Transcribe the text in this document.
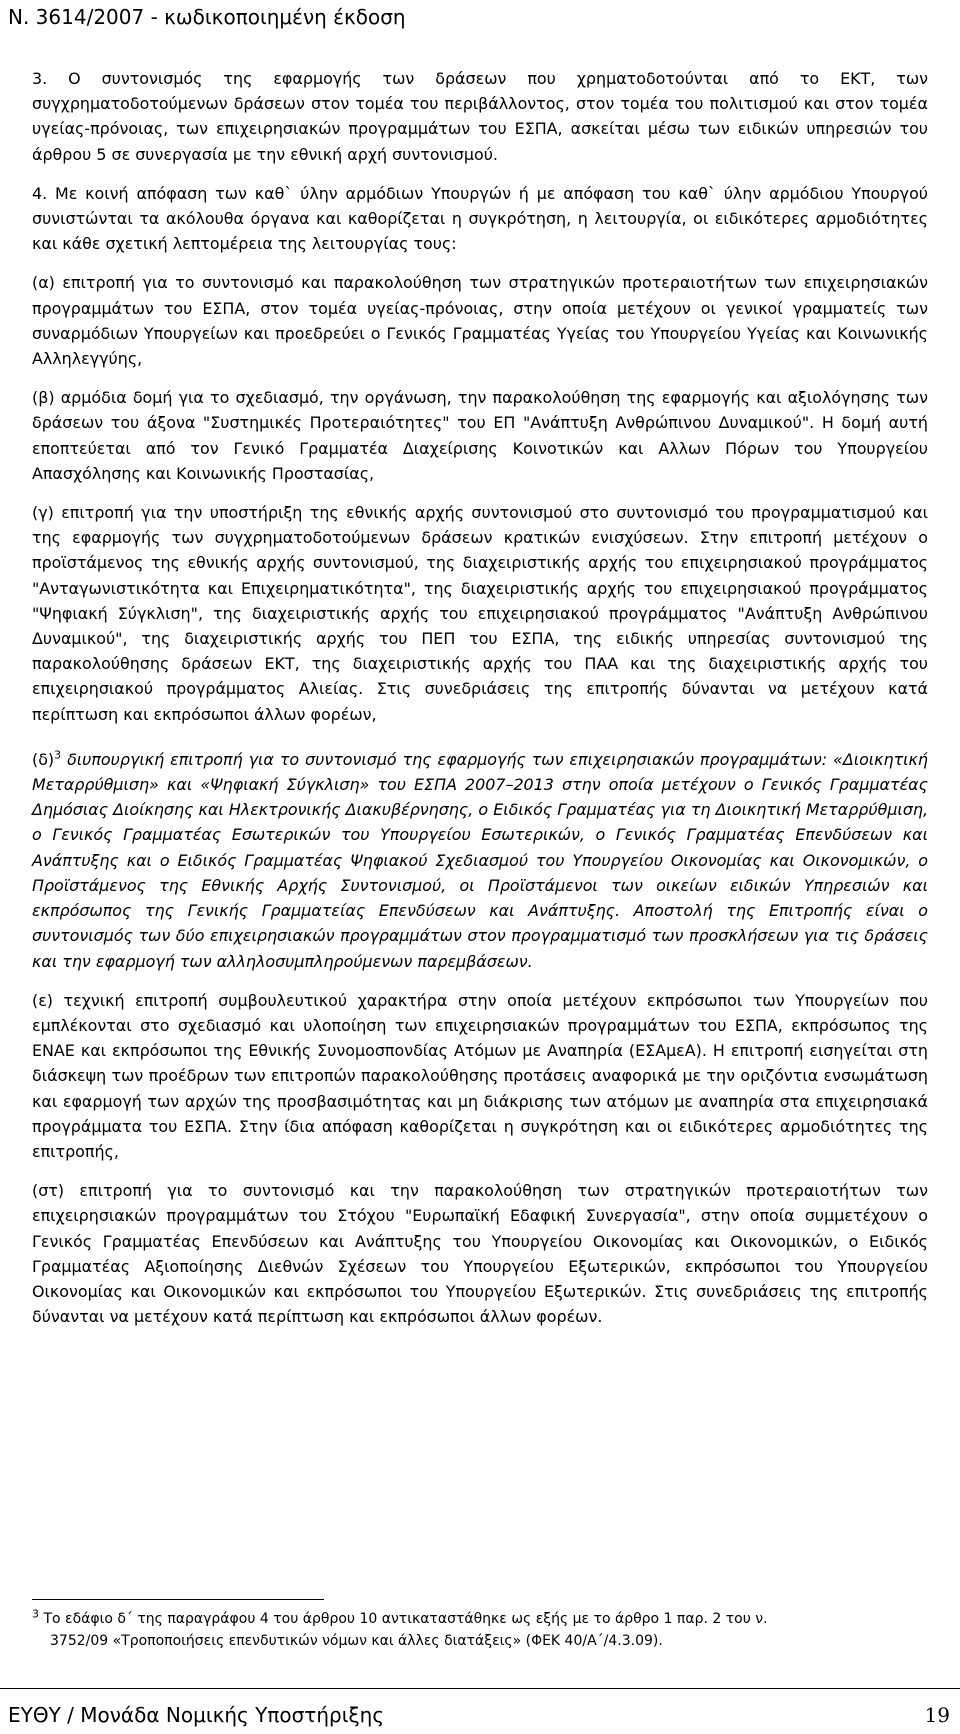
Ν. 3614/2007 - κωδικοποιημένη έκδοση

3. Ο συντονισμός της εφαρμογής των δράσεων που χρηματοδοτούνται από το ΕΚΤ, των συγχρηματοδοτούμενων δράσεων στον τομέα του περιβάλλοντος, στον τομέα του πολιτισμού και στον τομέα υγείας-πρόνοιας, των επιχειρησιακών προγραμμάτων του ΕΣΠΑ, ασκείται μέσω των ειδικών υπηρεσιών του άρθρου 5 σε συνεργασία με την εθνική αρχή συντονισμού.

4. Με κοινή απόφαση των καθ` ύλην αρμόδιων Υπουργών ή με απόφαση του καθ` ύλην αρμόδιου Υπουργού συνιστώνται τα ακόλουθα όργανα και καθορίζεται η συγκρότηση, η λειτουργία, οι ειδικότερες αρμοδιότητες και κάθε σχετική λεπτομέρεια της λειτουργίας τους:

(α) επιτροπή για το συντονισμό και παρακολούθηση των στρατηγικών προτεραιοτήτων των επιχειρησιακών προγραμμάτων του ΕΣΠΑ, στον τομέα υγείας-πρόνοιας, στην οποία μετέχουν οι γενικοί γραμματείς των συναρμόδιων Υπουργείων και προεδρεύει ο Γενικός Γραμματέας Υγείας του Υπουργείου Υγείας και Κοινωνικής Αλληλεγγύης,

(β) αρμόδια δομή για το σχεδιασμό, την οργάνωση, την παρακολούθηση της εφαρμογής και αξιολόγησης των δράσεων του άξονα "Συστημικές Προτεραιότητες" του ΕΠ "Ανάπτυξη Ανθρώπινου Δυναμικού". Η δομή αυτή εποπτεύεται από τον Γενικό Γραμματέα Διαχείρισης Κοινοτικών και Αλλων Πόρων του Υπουργείου Απασχόλησης και Κοινωνικής Προστασίας,

(γ) επιτροπή για την υποστήριξη της εθνικής αρχής συντονισμού στο συντονισμό του προγραμματισμού και της εφαρμογής των συγχρηματοδοτούμενων δράσεων κρατικών ενισχύσεων. Στην επιτροπή μετέχουν ο προϊστάμενος της εθνικής αρχής συντονισμού, της διαχειριστικής αρχής του επιχειρησιακού προγράμματος "Ανταγωνιστικότητα και Επιχειρηματικότητα", της διαχειριστικής αρχής του επιχειρησιακού προγράμματος "Ψηφιακή Σύγκλιση", της διαχειριστικής αρχής του επιχειρησιακού προγράμματος "Ανάπτυξη Ανθρώπινου Δυναμικού", της διαχειριστικής αρχής του ΠΕΠ του ΕΣΠΑ, της ειδικής υπηρεσίας συντονισμού της παρακολούθησης δράσεων ΕΚΤ, της διαχειριστικής αρχής του ΠΑΑ και της διαχειριστικής αρχής του επιχειρησιακού προγράμματος Αλιείας. Στις συνεδριάσεις της επιτροπής δύνανται να μετέχουν κατά περίπτωση και εκπρόσωποι άλλων φορέων,

$(\delta)^3$ διυπουργική επιτροπή για το συντονισμό της εφαρμογής των επιχειρησιακών προγραμμάτων: «Διοικητική Μεταρρύθμιση» και «Ψηφιακή Σύγκλιση» του ΕΣΠΑ 2007–2013 στην οποία μετέχουν ο Γενικός Γραμματέας Δημόσιας Διοίκησης και Ηλεκτρονικής Διακυβέρνησης, ο Ειδικός Γραμματέας για τη Διοικητική Μεταρρύθμιση, ο Γενικός Γραμματέας Εσωτερικών του Υπουργείου Εσωτερικών, ο Γενικός Γραμματέας Επενδύσεων και Ανάπτυξης και ο Ειδικός Γραμματέας Ψηφιακού Σχεδιασμού του Υπουργείου Οικονομίας και Οικονομικών, ο Προϊστάμενος της Εθνικής Αρχής Συντονισμού, οι Προϊστάμενοι των οικείων ειδικών Υπηρεσιών και εκπρόσωπος της Γενικής Γραμματείας Επενδύσεων και Ανάπτυξης. Αποστολή της Επιτροπής είναι ο συντονισμός των δύο επιχειρησιακών προγραμμάτων στον προγραμματισμό των προσκλήσεων για τις δράσεις και την εφαρμογή των αλληλοσυμπληρούμενων παρεμβάσεων.

(ε) τεχνική επιτροπή συμβουλευτικού χαρακτήρα στην οποία μετέχουν εκπρόσωποι των Υπουργείων που εμπλέκονται στο σχεδιασμό και υλοποίηση των επιχειρησιακών προγραμμάτων του ΕΣΠΑ, εκπρόσωπος της ΕΝΑΕ και εκπρόσωποι της Εθνικής Συνομοσπονδίας Ατόμων με Αναπηρία (ΕΣΑμεΑ). Η επιτροπή εισηγείται στη διάσκεψη των προέδρων των επιτροπών παρακολούθησης προτάσεις αναφορικά με την οριζόντια ενσωμάτωση και εφαρμογή των αρχών της προσβασιμότητας και μη διάκρισης των ατόμων με αναπηρία στα επιχειρησιακά προγράμματα του ΕΣΠΑ. Στην ίδια απόφαση καθορίζεται η συγκρότηση και οι ειδικότερες αρμοδιότητες της επιτροπής,

(στ) επιτροπή για το συντονισμό και την παρακολούθηση των στρατηγικών προτεραιοτήτων των επιχειρησιακών προγραμμάτων του Στόχου "Ευρωπαϊκή Εδαφική Συνεργασία", στην οποία συμμετέχουν ο Γενικός Γραμματέας Επενδύσεων και Ανάπτυξης του Υπουργείου Οικονομίας και Οικονομικών, ο Ειδικός Γραμματέας Αξιοποίησης Διεθνών Σχέσεων του Υπουργείου Εξωτερικών, εκπρόσωποι του Υπουργείου Οικονομίας και Οικονομικών και εκπρόσωποι του Υπουργείου Εξωτερικών. Στις συνεδριάσεις της επιτροπής δύνανται να μετέχουν κατά περίπτωση και εκπρόσωποι άλλων φορέων.

$^3$ Το εδάφιο δ΄ της παραγράφου 4 του άρθρου 10 αντικαταστάθηκε ως εξής με το άρθρο 1 παρ. 2 του ν.
3752/09 «Τροποποιήσεις επενδυτικών νόμων και άλλες διατάξεις» (ΦΕΚ 40/Α΄/4.3.09).
ΕΥΘΥ / Μονάδα Νομικής Υποστήριξης	19
